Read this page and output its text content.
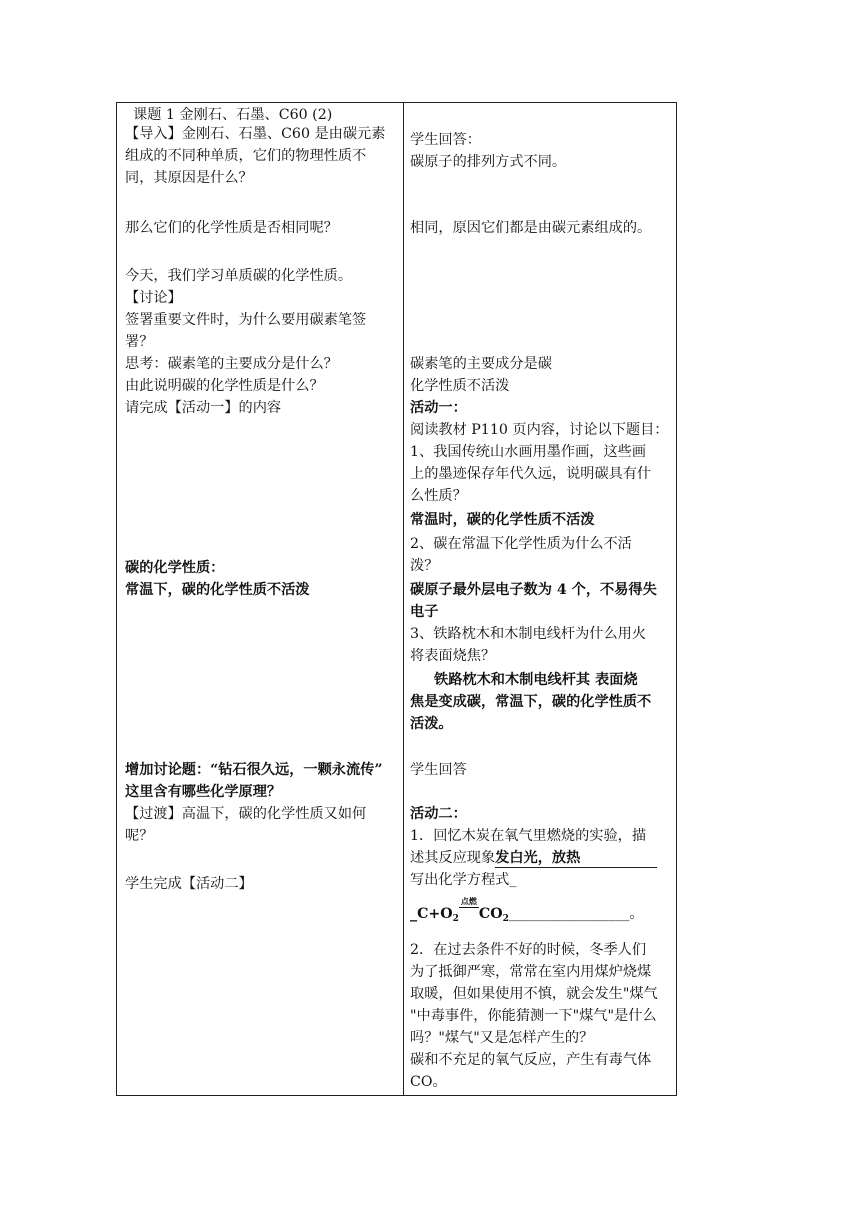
课题 1 金刚石、石墨、C60 (2)
【导入】金刚石、石墨、C60 是由碳元素
组成的不同种单质，它们的物理性质不
同，其原因是什么？
那么它们的化学性质是否相同呢？
今天，我们学习单质碳的化学性质。
【讨论】
签署重要文件时，为什么要用碳素笔签
署？
思考：碳素笔的主要成分是什么？
由此说明碳的化学性质是什么？
请完成【活动一】的内容
碳的化学性质：
常温下，碳的化学性质不活泼
增加讨论题：“钻石很久远，一颗永流传”
这里含有哪些化学原理？
【过渡】高温下，碳的化学性质又如何
呢？
学生完成【活动二】
学生回答：
碳原子的排列方式不同。
相同，原因它们都是由碳元素组成的。
碳素笔的主要成分是碳
化学性质不活泼
活动一：
阅读教材 P110 页内容，讨论以下题目：
1、我国传统山水画用墨作画，这些画
上的墨迹保存年代久远，说明碳具有什
么性质？
常温时，碳的化学性质不活泼
2、碳在常温下化学性质为什么不活
泼？
碳原子最外层电子数为 4 个，不易得失
电子
3、铁路枕木和木制电线杆为什么用火
将表面烧焦？
铁路枕木和木制电线杆其 表面烧
焦是变成碳，常温下，碳的化学性质不
活泼。
学生回答
活动二：
1．回忆木炭在氧气里燃烧的实验，描
述其反应现象发白光，放热
写出化学方程式_
$\_C+O_2^{点燃}CO_2\_\_\_\_\_\_\_\_\_\_\_\_\_\_\_\_\_$。
2．在过去条件不好的时候，冬季人们
为了抵御严寒，常常在室内用煤炉烧煤
取暖，但如果使用不慎，就会发生"煤气
"中毒事件，你能猜测一下"煤气"是什么
吗？"煤气"又是怎样产生的？
碳和不充足的氧气反应，产生有毒气体
CO。
